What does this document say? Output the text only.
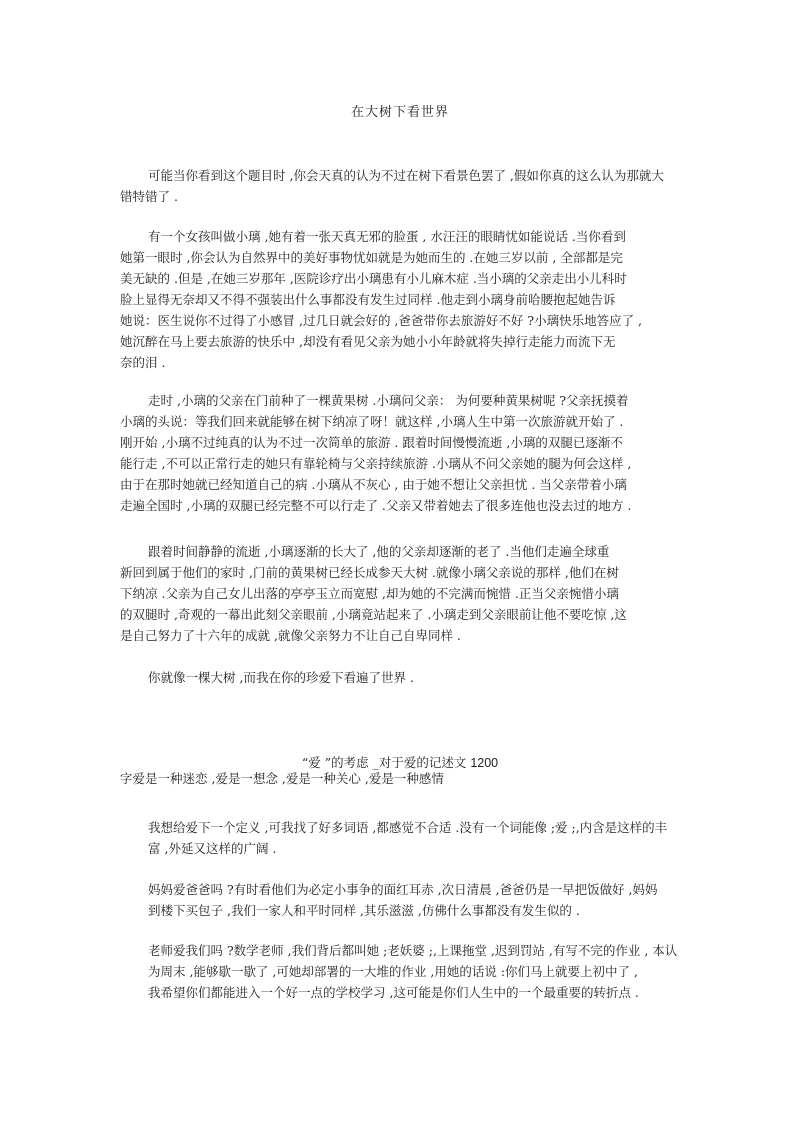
在大树下看世界
可能当你看到这个题目时 ,你会天真的认为不过在树下看景色罢了 ,假如你真的这么认为那就大
错特错了 .
有一个女孩叫做小璃 ,她有着一张天真无邪的脸蛋 , 水汪汪的眼睛忧如能说话 .当你看到
她第一眼时 ,你会认为自然界中的美好事物忧如就是为她而生的 .在她三岁以前 , 全部都是完
美无缺的 .但是 ,在她三岁那年 ,医院诊疗出小璃患有小儿麻木症 .当小璃的父亲走出小儿科时
脸上显得无奈却又不得不强装出什么事都没有发生过同样 .他走到小璃身前哈腰抱起她告诉
她说：医生说你不过得了小感冒 ,过几日就会好的 ,爸爸带你去旅游好不好 ?小璃快乐地答应了 ,
她沉醉在马上要去旅游的快乐中 ,却没有看见父亲为她小小年龄就将失掉行走能力而流下无
奈的泪 .
走时 ,小璃的父亲在门前种了一棵黄果树 .小璃问父亲： 为何要种黄果树呢 ?父亲抚摸着
小璃的头说：等我们回来就能够在树下纳凉了呀！就这样 ,小璃人生中第一次旅游就开始了 .
刚开始 ,小璃不过纯真的认为不过一次简单的旅游 . 跟着时间慢慢流逝 ,小璃的双腿已逐渐不
能行走 ,不可以正常行走的她只有靠轮椅与父亲持续旅游 .小璃从不问父亲她的腿为何会这样 ,
由于在那时她就已经知道自己的病 .小璃从不灰心 , 由于她不想让父亲担忧 . 当父亲带着小璃
走遍全国时 ,小璃的双腿已经完整不可以行走了 .父亲又带着她去了很多连他也没去过的地方 .
跟着时间静静的流逝 ,小璃逐渐的长大了 ,他的父亲却逐渐的老了 .当他们走遍全球重
新回到属于他们的家时 ,门前的黄果树已经长成参天大树 .就像小璃父亲说的那样 ,他们在树
下纳凉 .父亲为自己女儿出落的亭亭玉立而宽慰 ,却为她的不完满而惋惜 .正当父亲惋惜小璃
的双腿时 ,奇观的一幕出此刻父亲眼前 ,小璃竟站起来了 .小璃走到父亲眼前让他不要吃惊 ,这
是自己努力了十六年的成就 ,就像父亲努力不让自己自卑同样 .
你就像一棵大树 ,而我在你的珍爱下看遍了世界 .
“爱 ”的考虑 _对于爱的记述文 1200
字爱是一种迷恋 ,爱是一想念 ,爱是一种关心 ,爱是一种感情
我想给爱下一个定义 ,可我找了好多词语 ,都感觉不合适 .没有一个词能像 ;爱 ;,内含是这样的丰
富 ,外延又这样的广阔 .
妈妈爱爸爸吗 ?有时看他们为必定小事争的面红耳赤 ,次日清晨 ,爸爸仍是一早把饭做好 ,妈妈
到楼下买包子 ,我们一家人和平时同样 ,其乐滋滋 ,仿佛什么事都没有发生似的 .
老师爱我们吗 ?数学老师 ,我们背后都叫她 ;老妖婆 ;,上课拖堂 ,迟到罚站 ,有写不完的作业 , 本认
为周末 ,能够歇一歇了 ,可她却部署的一大堆的作业 ,用她的话说 :你们马上就要上初中了 ,
我希望你们都能进入一个好一点的学校学习 ,这可能是你们人生中的一个最重要的转折点 .
